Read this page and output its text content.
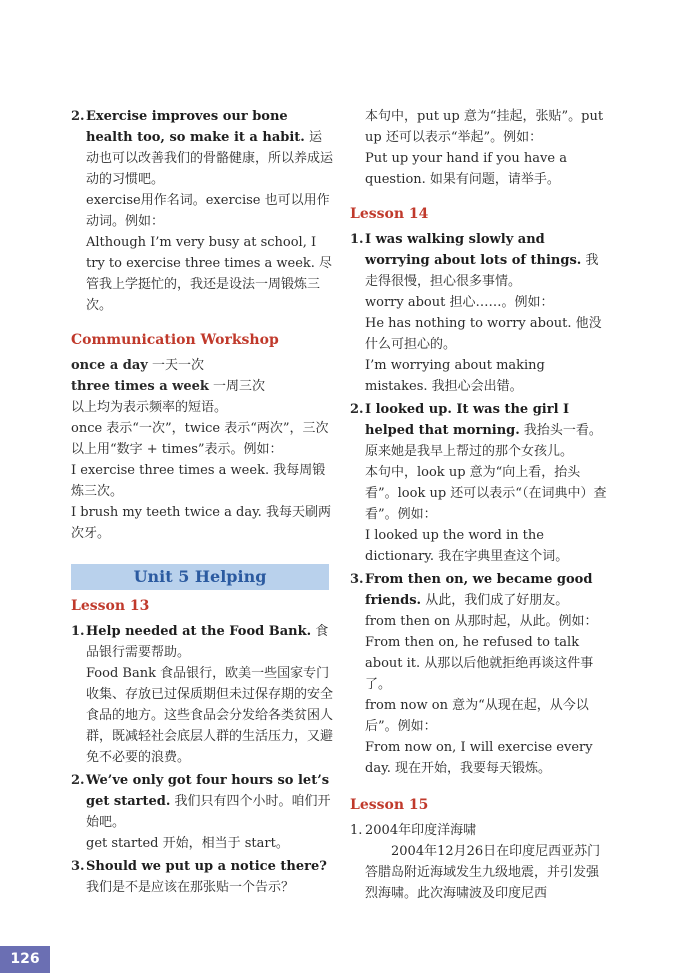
2. Exercise improves our bone health too, so make it a habit. 运动也可以改善我们的骨骼健康，所以养成运动的习惯吧。

exercise用作名词。exercise 也可以用作动词。例如：

Although I’m very busy at school, I try to exercise three times a week. 尽管我上学挺忙的，我还是设法一周锻炼三次。

Communication Workshop

once a day 一天一次

three times a week 一周三次

以上均为表示频率的短语。

once 表示“一次”，twice 表示“两次”，三次以上用“数字 + times”表示。例如：

I exercise three times a week. 我每周锻炼三次。

I brush my teeth twice a day. 我每天刷两次牙。

Unit 5 Helping
Lesson 13
1. Help needed at the Food Bank. 食品银行需要帮助。

Food Bank 食品银行，欧美一些国家专门收集、存放已过保质期但未过保存期的安全食品的地方。这些食品会分发给各类贫困人群，既减轻社会底层人群的生活压力，又避免不必要的浪费。

2. We’ve only got four hours so let’s get started. 我们只有四个小时。咱们开始吧。

get started 开始，相当于 start。

3. Should we put up a notice there? 我们是不是应该在那张贴一个告示？

本句中，put up 意为“挂起，张贴”。put up 还可以表示“举起”。例如：

Put up your hand if you have a question. 如果有问题，请举手。

Lesson 14
1. I was walking slowly and worrying about lots of things. 我走得很慢，担心很多事情。

worry about 担心……。例如：

He has nothing to worry about. 他没什么可担心的。

I’m worrying about making mistakes. 我担心会出错。

2. I looked up. It was the girl I helped that morning. 我抬头一看。原来她是我早上帮过的那个女孩儿。

本句中，look up 意为“向上看，抬头看”。look up 还可以表示“（在词典中）查看”。例如：

I looked up the word in the dictionary. 我在字典里查这个词。

3. From then on, we became good friends. 从此，我们成了好朋友。

from then on 从那时起，从此。例如：

From then on, he refused to talk about it. 从那以后他就拒绝再谈这件事了。

from now on 意为“从现在起，从今以后”。例如：

From now on, I will exercise every day. 现在开始，我要每天锻炼。

Lesson 15
1. 2004年印度洋海啸

2004年12月26日在印度尼西亚苏门答腊岛附近海域发生九级地震，并引发强烈海啸。此次海啸波及印度尼西

126
